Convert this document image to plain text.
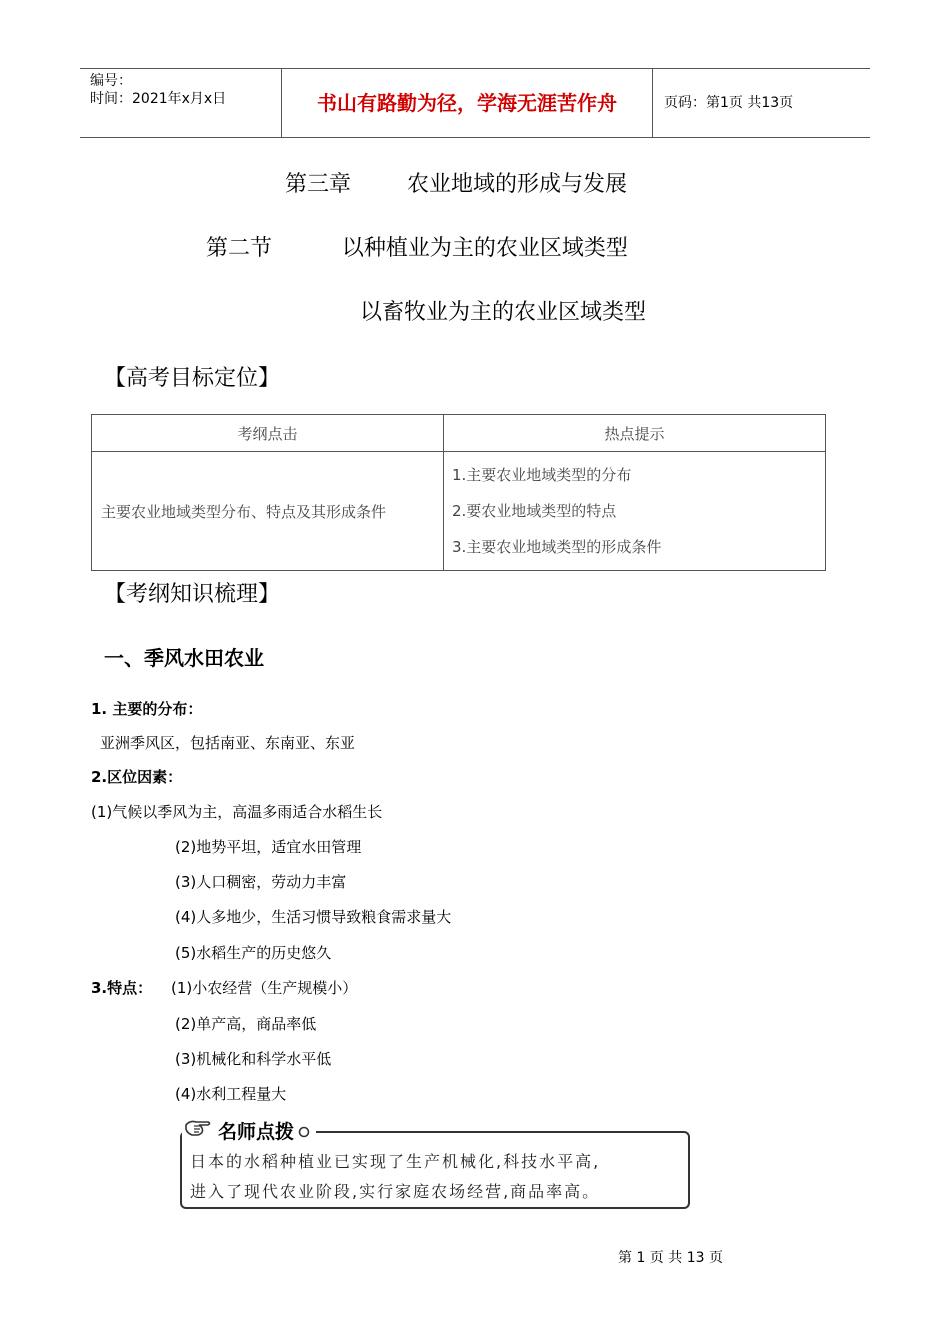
编号：
时间：2021年x月x日	书山有路勤为径，学海无涯苦作舟	页码：第1页 共13页
第三章        农业地域的形成与发展
第二节          以种植业为主的农业区域类型
以畜牧业为主的农业区域类型
【高考目标定位】
考纲点击	热点提示
主要农业地域类型分布、特点及其形成条件	1.主要农业地域类型的分布
2.要农业地域类型的特点
3.主要农业地域类型的形成条件
【考纲知识梳理】
一、季风水田农业
1. 主要的分布：
亚洲季风区，包括南亚、东南亚、东亚
2.区位因素：
(1)气候以季风为主，高温多雨适合水稻生长
(2)地势平坦，适宜水田管理
(3)人口稠密，劳动力丰富
(4)人多地少，生活习惯导致粮食需求量大
(5)水稻生产的历史悠久
3.特点： (1)小农经营（生产规模小）
(2)单产高，商品率低
(3)机械化和科学水平低
(4)水利工程量大
名师点拨
日本的水稻种植业已实现了生产机械化,科技水平高,
进入了现代农业阶段,实行家庭农场经营,商品率高。
第 1 页 共 13 页
